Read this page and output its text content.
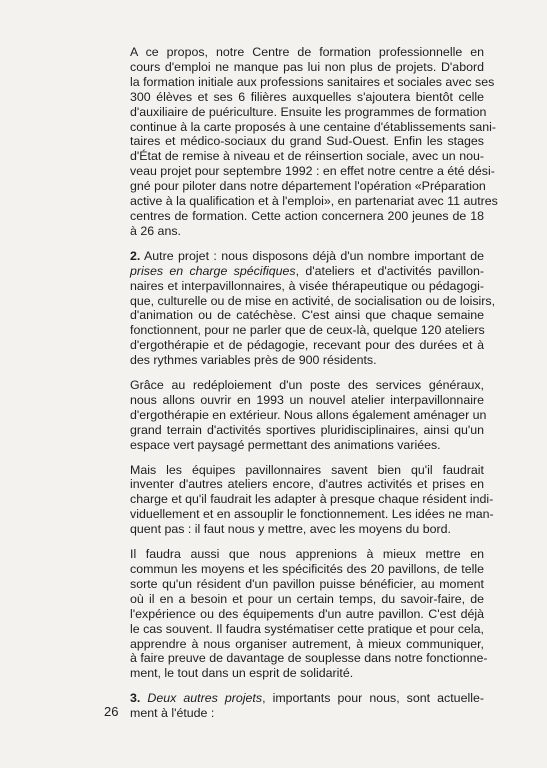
A ce propos, notre Centre de formation professionnelle en
cours d'emploi ne manque pas lui non plus de projets. D'abord
la formation initiale aux professions sanitaires et sociales avec ses
300 élèves et ses 6 filières auxquelles s'ajoutera bientôt celle
d'auxiliaire de puériculture. Ensuite les programmes de formation
continue à la carte proposés à une centaine d'établissements sani-
taires et médico-sociaux du grand Sud-Ouest. Enfin les stages
d'État de remise à niveau et de réinsertion sociale, avec un nou-
veau projet pour septembre 1992 : en effet notre centre a été dési-
gné pour piloter dans notre département l'opération «Préparation
active à la qualification et à l'emploi», en partenariat avec 11 autres
centres de formation. Cette action concernera 200 jeunes de 18
à 26 ans.

2. Autre projet : nous disposons déjà d'un nombre important de
prises en charge spécifiques, d'ateliers et d'activités pavillon-
naires et interpavillonnaires, à visée thérapeutique ou pédagogi-
que, culturelle ou de mise en activité, de socialisation ou de loisirs,
d'animation ou de catéchèse. C'est ainsi que chaque semaine
fonctionnent, pour ne parler que de ceux-là, quelque 120 ateliers
d'ergothérapie et de pédagogie, recevant pour des durées et à
des rythmes variables près de 900 résidents.

Grâce au redéploiement d'un poste des services généraux,
nous allons ouvrir en 1993 un nouvel atelier interpavillonnaire
d'ergothérapie en extérieur. Nous allons également aménager un
grand terrain d'activités sportives pluridisciplinaires, ainsi qu'un
espace vert paysagé permettant des animations variées.

Mais les équipes pavillonnaires savent bien qu'il faudrait
inventer d'autres ateliers encore, d'autres activités et prises en
charge et qu'il faudrait les adapter à presque chaque résident indi-
viduellement et en assouplir le fonctionnement. Les idées ne man-
quent pas : il faut nous y mettre, avec les moyens du bord.

Il faudra aussi que nous apprenions à mieux mettre en
commun les moyens et les spécificités des 20 pavillons, de telle
sorte qu'un résident d'un pavillon puisse bénéficier, au moment
où il en a besoin et pour un certain temps, du savoir-faire, de
l'expérience ou des équipements d'un autre pavillon. C'est déjà
le cas souvent. Il faudra systématiser cette pratique et pour cela,
apprendre à nous organiser autrement, à mieux communiquer,
à faire preuve de davantage de souplesse dans notre fonctionne-
ment, le tout dans un esprit de solidarité.

3. Deux autres projets, importants pour nous, sont actuelle-
ment à l'étude :

26
